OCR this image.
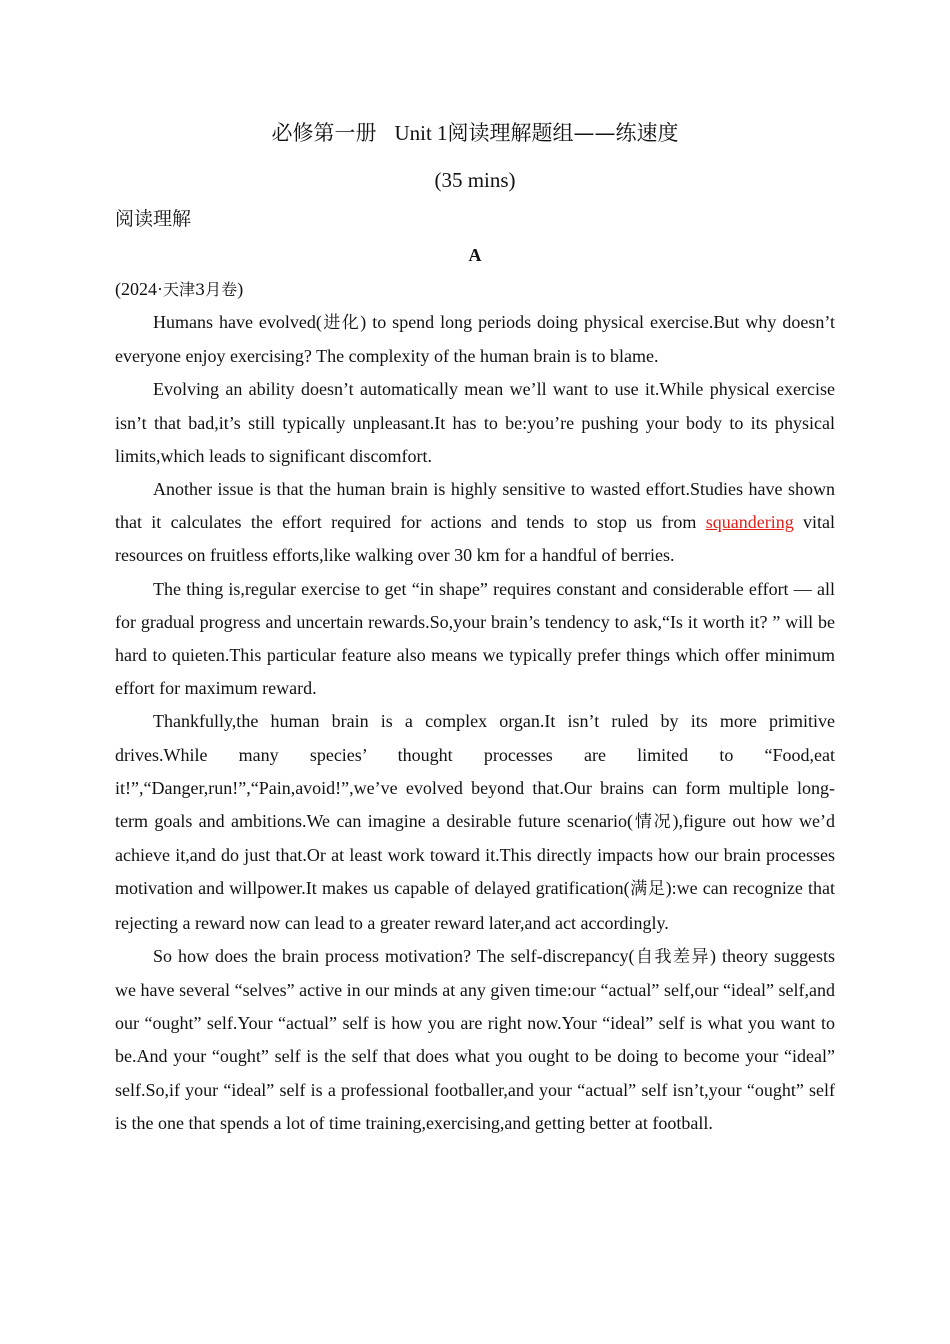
必修第一册 Unit 1阅读理解题组——练速度
(35 mins)
阅读理解
A
(2024·天津3月卷)

Humans have evolved(进化) to spend long periods doing physical exercise.But why doesn’t everyone enjoy exercising? The complexity of the human brain is to blame.

Evolving an ability doesn’t automatically mean we’ll want to use it.While physical exercise isn’t that bad,it’s still typically unpleasant.It has to be:you’re pushing your body to its physical limits,which leads to significant discomfort.

Another issue is that the human brain is highly sensitive to wasted effort.Studies have shown that it calculates the effort required for actions and tends to stop us from squandering vital resources on fruitless efforts,like walking over 30 km for a handful of berries.

The thing is,regular exercise to get “in shape” requires constant and considerable effort — all for gradual progress and uncertain rewards.So,your brain’s tendency to ask,“Is it worth it? ” will be hard to quieten.This particular feature also means we typically prefer things which offer minimum effort for maximum reward.

Thankfully,the human brain is a complex organ.It isn’t ruled by its more primitive drives.While many species’ thought processes are limited to “Food,eat it!”,“Danger,run!”,“Pain,avoid!”,we’ve evolved beyond that.Our brains can form multiple long-term goals and ambitions.We can imagine a desirable future scenario(情况),figure out how we’d achieve it,and do just that.Or at least work toward it.This directly impacts how our brain processes motivation and willpower.It makes us capable of delayed gratification(满足):we can recognize that rejecting a reward now can lead to a greater reward later,and act accordingly.

So how does the brain process motivation? The self-discrepancy(自我差异) theory suggests we have several “selves” active in our minds at any given time:our “actual” self,our “ideal” self,and our “ought” self.Your “actual” self is how you are right now.Your “ideal” self is what you want to be.And your “ought” self is the self that does what you ought to be doing to become your “ideal” self.So,if your “ideal” self is a professional footballer,and your “actual” self isn’t,your “ought” self is the one that spends a lot of time training,exercising,and getting better at football.
